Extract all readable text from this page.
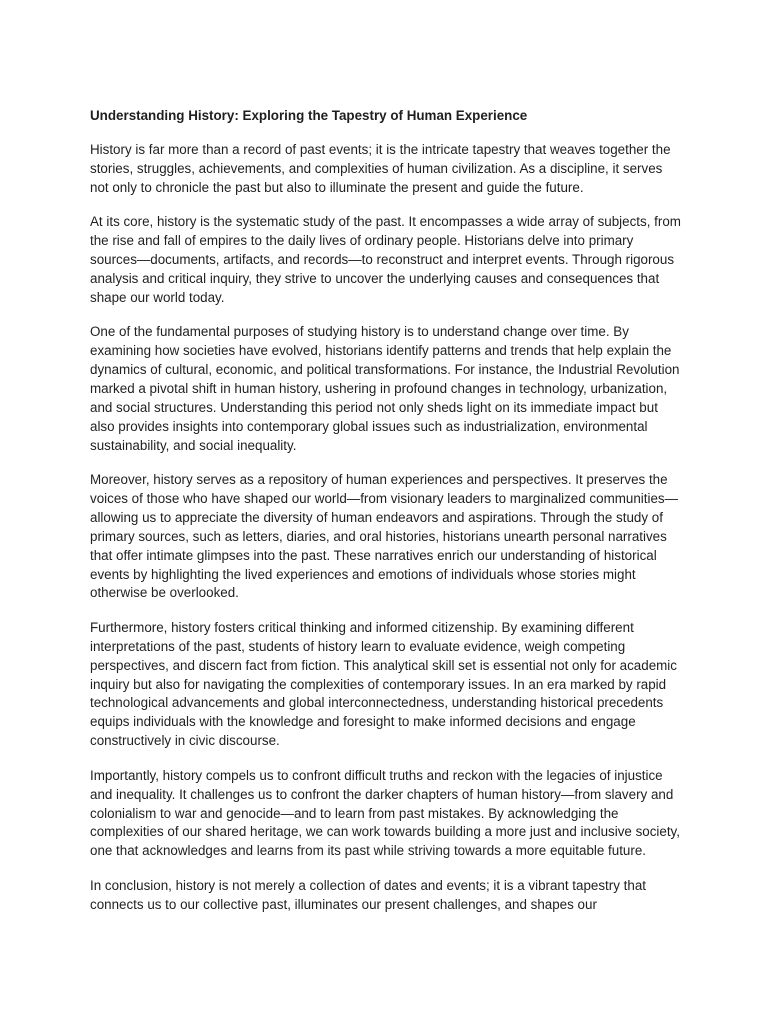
Understanding History: Exploring the Tapestry of Human Experience

History is far more than a record of past events; it is the intricate tapestry that weaves together the stories, struggles, achievements, and complexities of human civilization. As a discipline, it serves not only to chronicle the past but also to illuminate the present and guide the future.

At its core, history is the systematic study of the past. It encompasses a wide array of subjects, from the rise and fall of empires to the daily lives of ordinary people. Historians delve into primary sources—documents, artifacts, and records—to reconstruct and interpret events. Through rigorous analysis and critical inquiry, they strive to uncover the underlying causes and consequences that shape our world today.

One of the fundamental purposes of studying history is to understand change over time. By examining how societies have evolved, historians identify patterns and trends that help explain the dynamics of cultural, economic, and political transformations. For instance, the Industrial Revolution marked a pivotal shift in human history, ushering in profound changes in technology, urbanization, and social structures. Understanding this period not only sheds light on its immediate impact but also provides insights into contemporary global issues such as industrialization, environmental sustainability, and social inequality.

Moreover, history serves as a repository of human experiences and perspectives. It preserves the voices of those who have shaped our world—from visionary leaders to marginalized communities—allowing us to appreciate the diversity of human endeavors and aspirations. Through the study of primary sources, such as letters, diaries, and oral histories, historians unearth personal narratives that offer intimate glimpses into the past. These narratives enrich our understanding of historical events by highlighting the lived experiences and emotions of individuals whose stories might otherwise be overlooked.

Furthermore, history fosters critical thinking and informed citizenship. By examining different interpretations of the past, students of history learn to evaluate evidence, weigh competing perspectives, and discern fact from fiction. This analytical skill set is essential not only for academic inquiry but also for navigating the complexities of contemporary issues. In an era marked by rapid technological advancements and global interconnectedness, understanding historical precedents equips individuals with the knowledge and foresight to make informed decisions and engage constructively in civic discourse.

Importantly, history compels us to confront difficult truths and reckon with the legacies of injustice and inequality. It challenges us to confront the darker chapters of human history—from slavery and colonialism to war and genocide—and to learn from past mistakes. By acknowledging the complexities of our shared heritage, we can work towards building a more just and inclusive society, one that acknowledges and learns from its past while striving towards a more equitable future.

In conclusion, history is not merely a collection of dates and events; it is a vibrant tapestry that connects us to our collective past, illuminates our present challenges, and shapes our
